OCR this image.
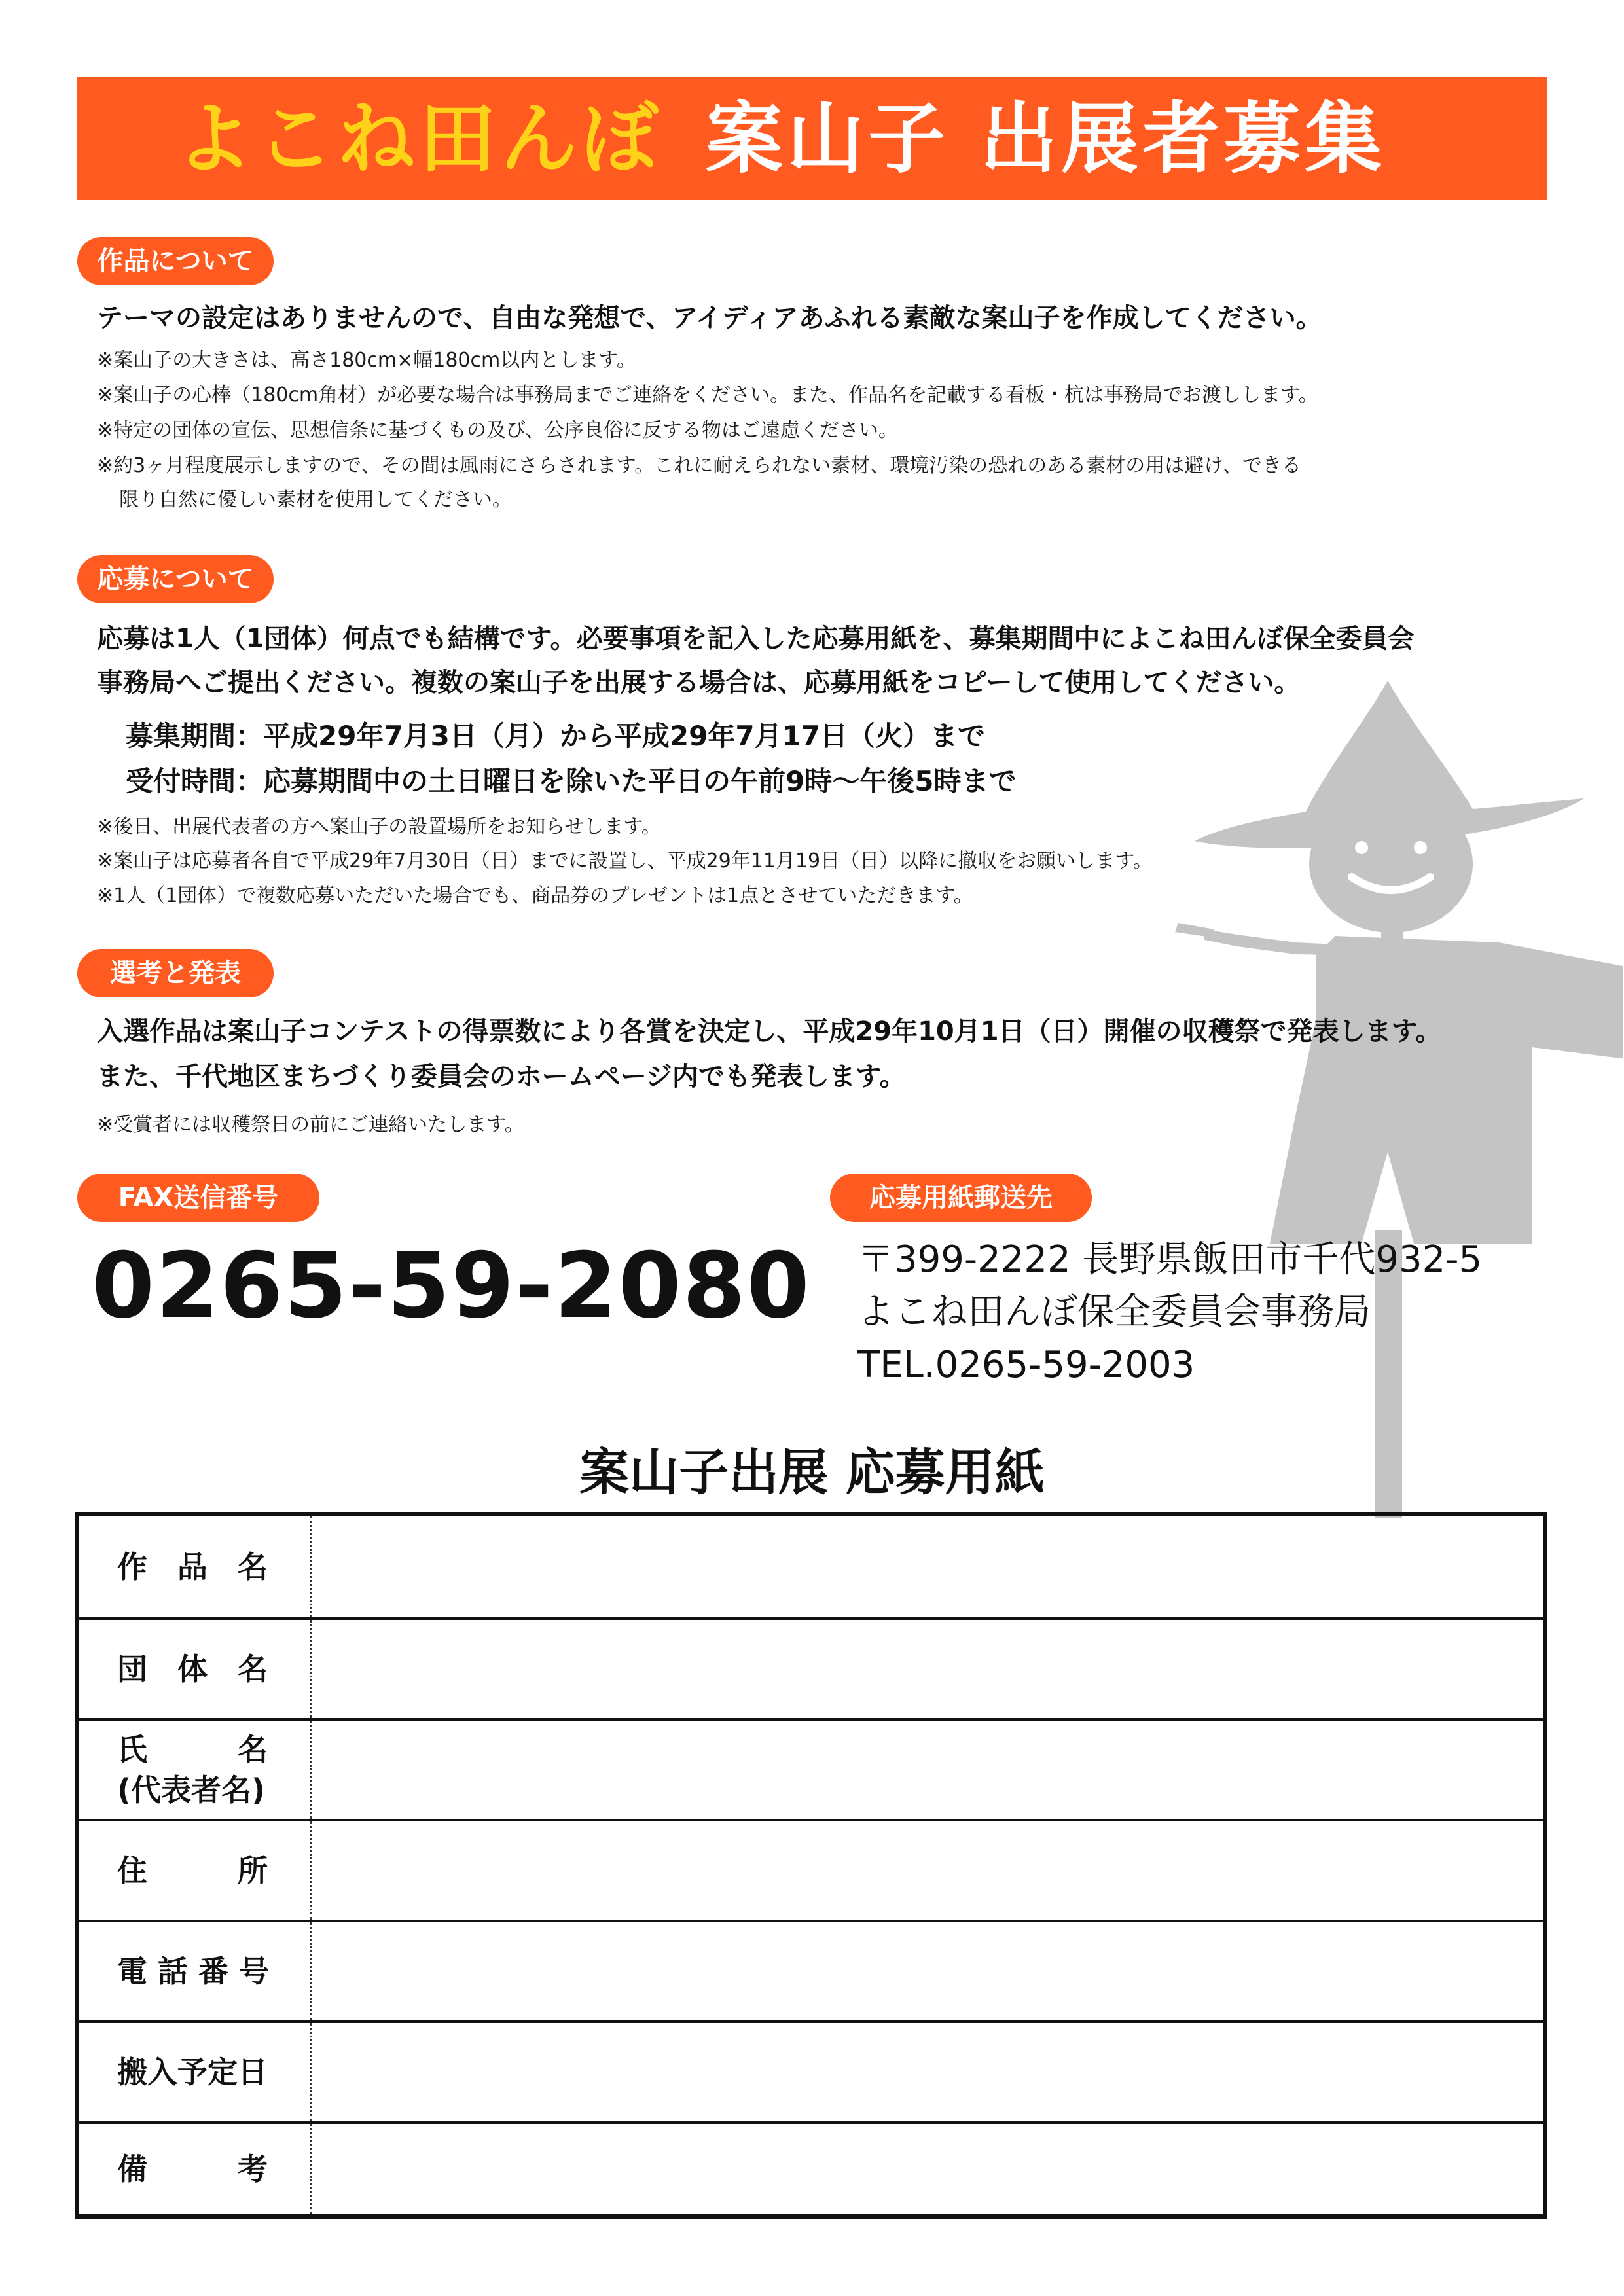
よこね田んぼ 案山子 出展者募集
作品について
テーマの設定はありませんので、自由な発想で、アイディアあふれる素敵な案山子を作成してください。
※案山子の大きさは、高さ180cm×幅180cm以内とします。
※案山子の心棒（180cm角材）が必要な場合は事務局までご連絡をください。また、作品名を記載する看板・杭は事務局でお渡しします。
※特定の団体の宣伝、思想信条に基づくもの及び、公序良俗に反する物はご遠慮ください。
※約3ヶ月程度展示しますので、その間は風雨にさらされます。これに耐えられない素材、環境汚染の恐れのある素材の用は避け、できる
限り自然に優しい素材を使用してください。
応募について
応募は1人（1団体）何点でも結構です。必要事項を記入した応募用紙を、募集期間中によこね田んぼ保全委員会
事務局へご提出ください。複数の案山子を出展する場合は、応募用紙をコピーして使用してください。
募集期間：平成29年7月3日（月）から平成29年7月17日（火）まで
受付時間：応募期間中の土日曜日を除いた平日の午前9時～午後5時まで
※後日、出展代表者の方へ案山子の設置場所をお知らせします。
※案山子は応募者各自で平成29年7月30日（日）までに設置し、平成29年11月19日（日）以降に撤収をお願いします。
※1人（1団体）で複数応募いただいた場合でも、商品券のプレゼントは1点とさせていただきます。
選考と発表
入選作品は案山子コンテストの得票数により各賞を決定し、平成29年10月1日（日）開催の収穫祭で発表します。
また、千代地区まちづくり委員会のホームページ内でも発表します。
※受賞者には収穫祭日の前にご連絡いたします。
FAX送信番号
0265-59-2080
応募用紙郵送先
〒399-2222 長野県飯田市千代932-5
よこね田んぼ保全委員会事務局
TEL.0265-59-2003
案山子出展 応募用紙
作　品　名
団　体　名
氏　　　名
(代表者名)
住　　　所
電 話 番 号
搬入予定日
備　　　考
